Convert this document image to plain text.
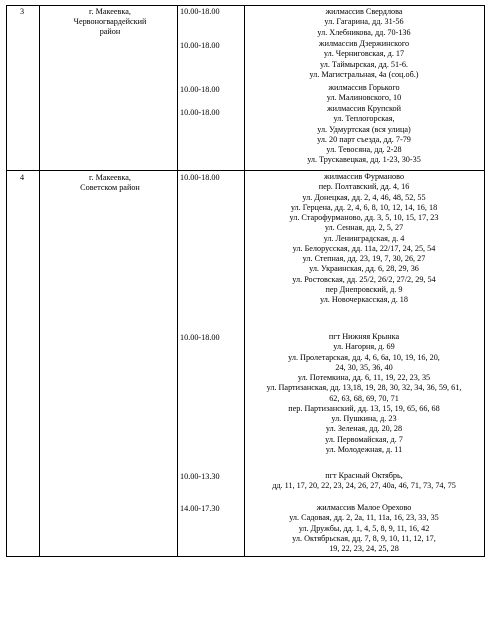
3	г. Макеевка,
Червоногвардейский
район
10.00-18.00	жилмассив Свердлова
ул. Гагарина, дд. 31-56
ул. Хлебникова, дд. 70-136
10.00-18.00	жилмассив Дзержинского
ул. Черниговская, д. 17
ул. Таймырская, дд. 51-6.
ул. Магистральная, 4а (соц.об.)
10.00-18.00	жилмассив Горького
ул. Малиновского, 10
10.00-18.00	жилмассив Крупской
ул. Теплогорская,
ул. Удмуртская (вся улица)
ул. 20 парт съезда, дд. 7-79
ул. Тевосяна, дд. 2-28
ул. Трускавецкая, дд. 1-23, 30-35
4	г. Макеевка,
Советском район
10.00-18.00	жилмассив Фурманово
пер. Полтавский, дд. 4, 16
ул. Донецкая, дд. 2, 4, 46, 48, 52, 55
ул. Герцена, дд. 2, 4, 6, 8, 10, 12, 14, 16, 18
ул. Старофурманово, дд. 3, 5, 10, 15, 17, 23
ул. Сенная, дд. 2, 5, 27
ул. Ленинградская, д. 4
ул. Белорусская, дд. 11а, 22/17, 24, 25, 54
ул. Степная, дд. 23, 19, 7, 30, 26, 27
ул. Украинская, дд. 6, 28, 29, 36
ул. Ростовская, дд. 25/2, 26/2, 27/2, 29, 54
пер Днепровский, д. 9
ул. Новочеркасская, д. 18
10.00-18.00	пгт Нижняя Крынка
ул. Нагорня, д. 69
ул. Пролетарская, дд. 4, 6, 6а, 10, 19, 16, 20,
24, 30, 35, 36, 40
ул. Потемкина, дд. 6, 11, 19, 22, 23, 35
ул. Партизанская, дд. 13,18, 19, 28, 30, 32, 34, 36, 59, 61,
62, 63, 68, 69, 70, 71
пер. Партизанский, дд. 13, 15, 19, 65, 66, 68
ул. Пушкина, д. 23
ул. Зеленая, дд. 20, 28
ул. Первомайская, д. 7
ул. Молодежная, д. 11
10.00-13.30	пгт Красный Октябрь,
дд. 11, 17, 20, 22, 23, 24, 26, 27, 40а, 46, 71, 73, 74, 75
14.00-17.30	жилмассив Малое Орехово
ул. Садовая, дд. 2, 2а, 11, 11а, 16, 23, 33, 35
ул. Дружбы, дд. 1, 4, 5, 8, 9, 11, 16, 42
ул. Октябрьская, дд. 7, 8, 9, 10, 11, 12, 17,
19, 22, 23, 24, 25, 28
